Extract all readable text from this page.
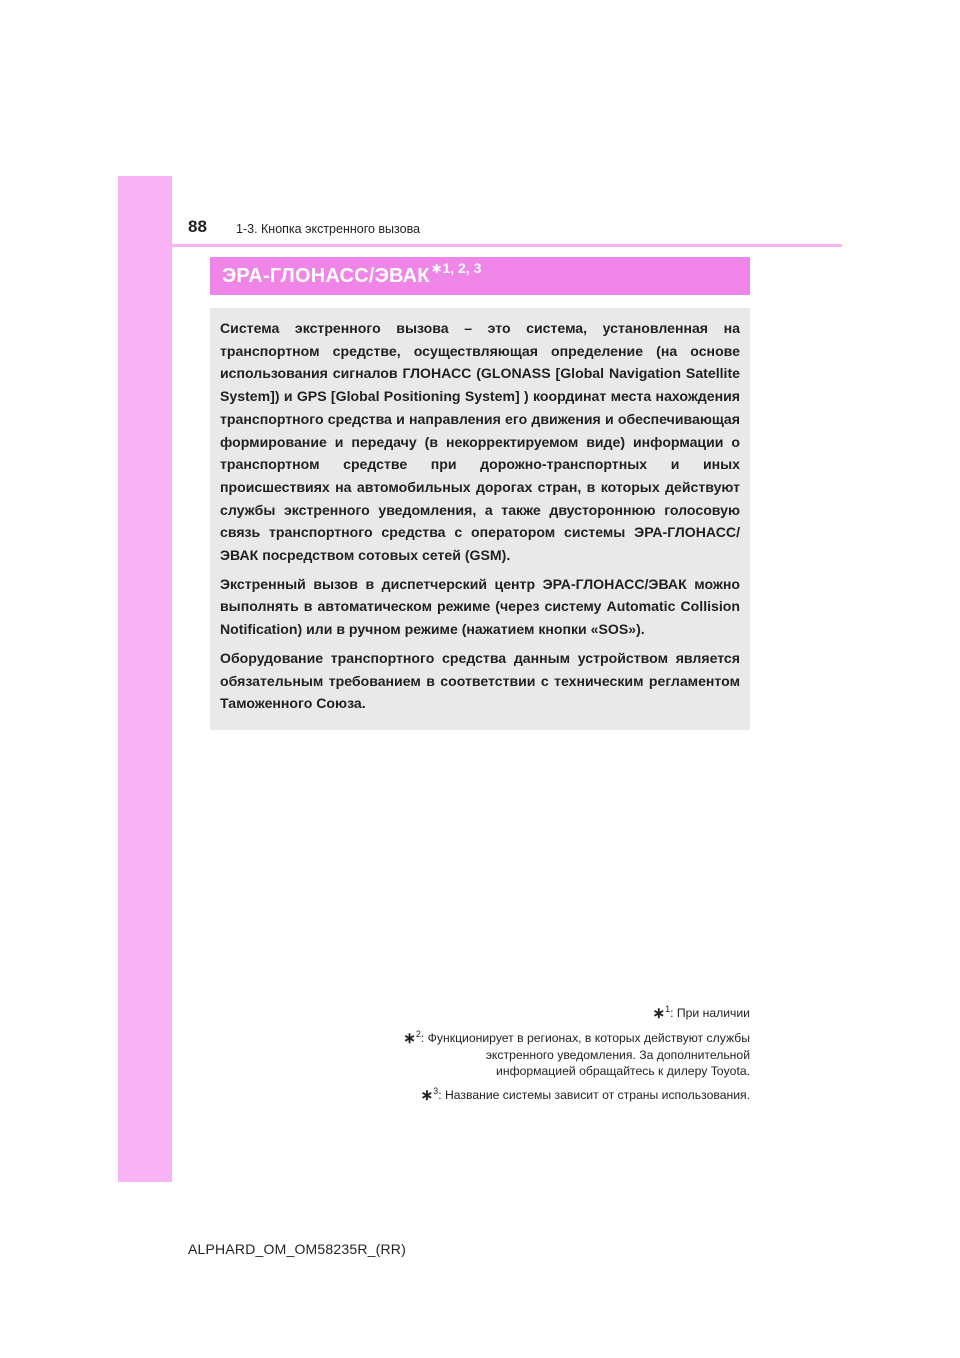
88 1-3. Кнопка экстренного вызова
ЭРА-ГЛОНАСС/ЭВАК ∗1, 2, 3

Система экстренного вызова – это система, установленная на транспортном средстве, осуществляющая определение (на основе использования сигналов ГЛОНАСС (GLONASS [Global Navigation Satellite System]) и GPS [Global Positioning System] ) координат места нахождения транспортного средства и направления его движения и обеспечивающая формирование и передачу (в некорректируемом виде) информации о транспортном средстве при дорожно-транспортных и иных происшествиях на автомобильных дорогах стран, в которых действуют службы экстренного уведомления, а также двустороннюю голосовую связь транспортного средства с оператором системы ЭРА-ГЛОНАСС/ЭВАК посредством сотовых сетей (GSM).

Экстренный вызов в диспетчерский центр ЭРА-ГЛОНАСС/ЭВАК можно выполнять в автоматическом режиме (через систему Automatic Collision Notification) или в ручном режиме (нажатием кнопки «SOS»).

Оборудование транспортного средства данным устройством является обязательным требованием в соответствии с техническим регламентом Таможенного Союза.

∗$^1$: При наличии
∗$^2$: Функционирует в регионах, в которых действуют службы
экстренного уведомления. За дополнительной
информацией обращайтесь к дилеру Toyota.
∗$^3$: Название системы зависит от страны использования.
ALPHARD_OM_OM58235R_(RR)
